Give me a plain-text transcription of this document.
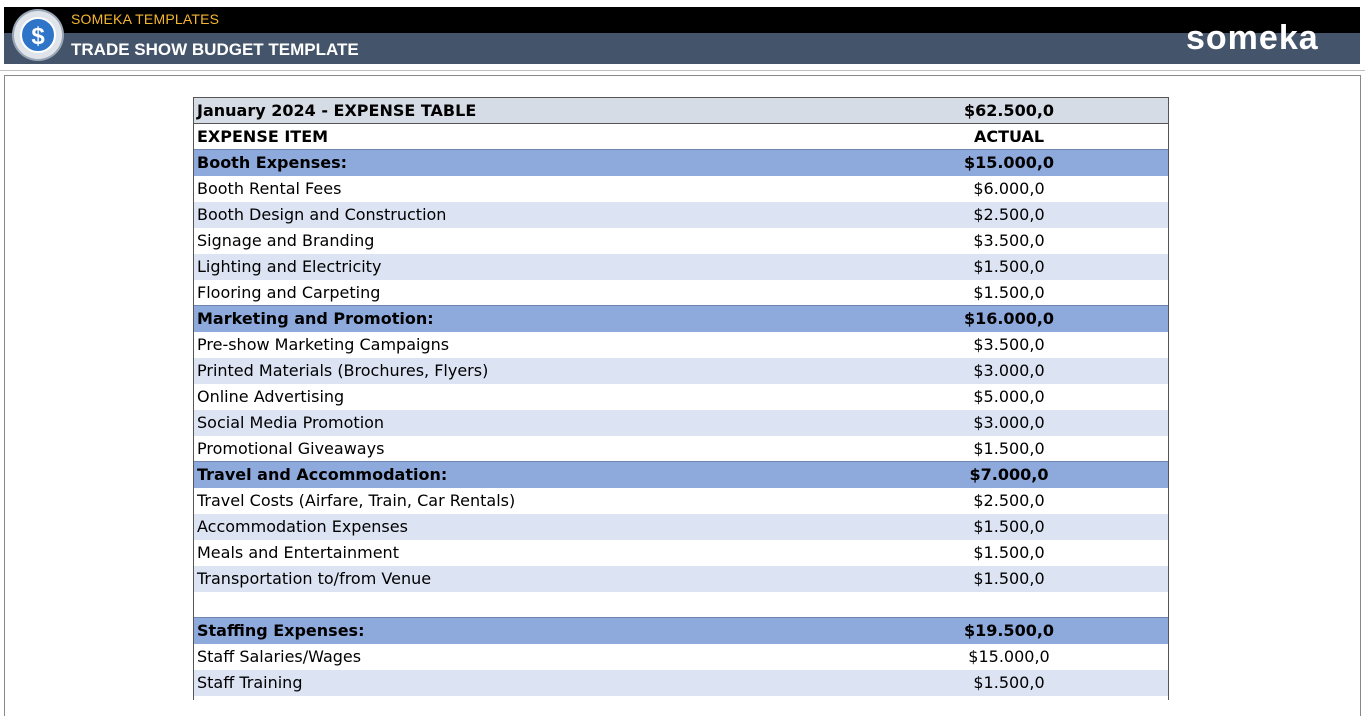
$
SOMEKA TEMPLATES
TRADE SHOW BUDGET TEMPLATE	someka
January 2024 - EXPENSE TABLE	$62.500,0
EXPENSE ITEM	ACTUAL
Booth Expenses:	$15.000,0
Booth Rental Fees	$6.000,0
Booth Design and Construction	$2.500,0
Signage and Branding	$3.500,0
Lighting and Electricity	$1.500,0
Flooring and Carpeting	$1.500,0
Marketing and Promotion:	$16.000,0
Pre-show Marketing Campaigns	$3.500,0
Printed Materials (Brochures, Flyers)	$3.000,0
Online Advertising	$5.000,0
Social Media Promotion	$3.000,0
Promotional Giveaways	$1.500,0
Travel and Accommodation:	$7.000,0
Travel Costs (Airfare, Train, Car Rentals)	$2.500,0
Accommodation Expenses	$1.500,0
Meals and Entertainment	$1.500,0
Transportation to/from Venue	$1.500,0

Staffing Expenses:	$19.500,0
Staff Salaries/Wages	$15.000,0
Staff Training	$1.500,0
